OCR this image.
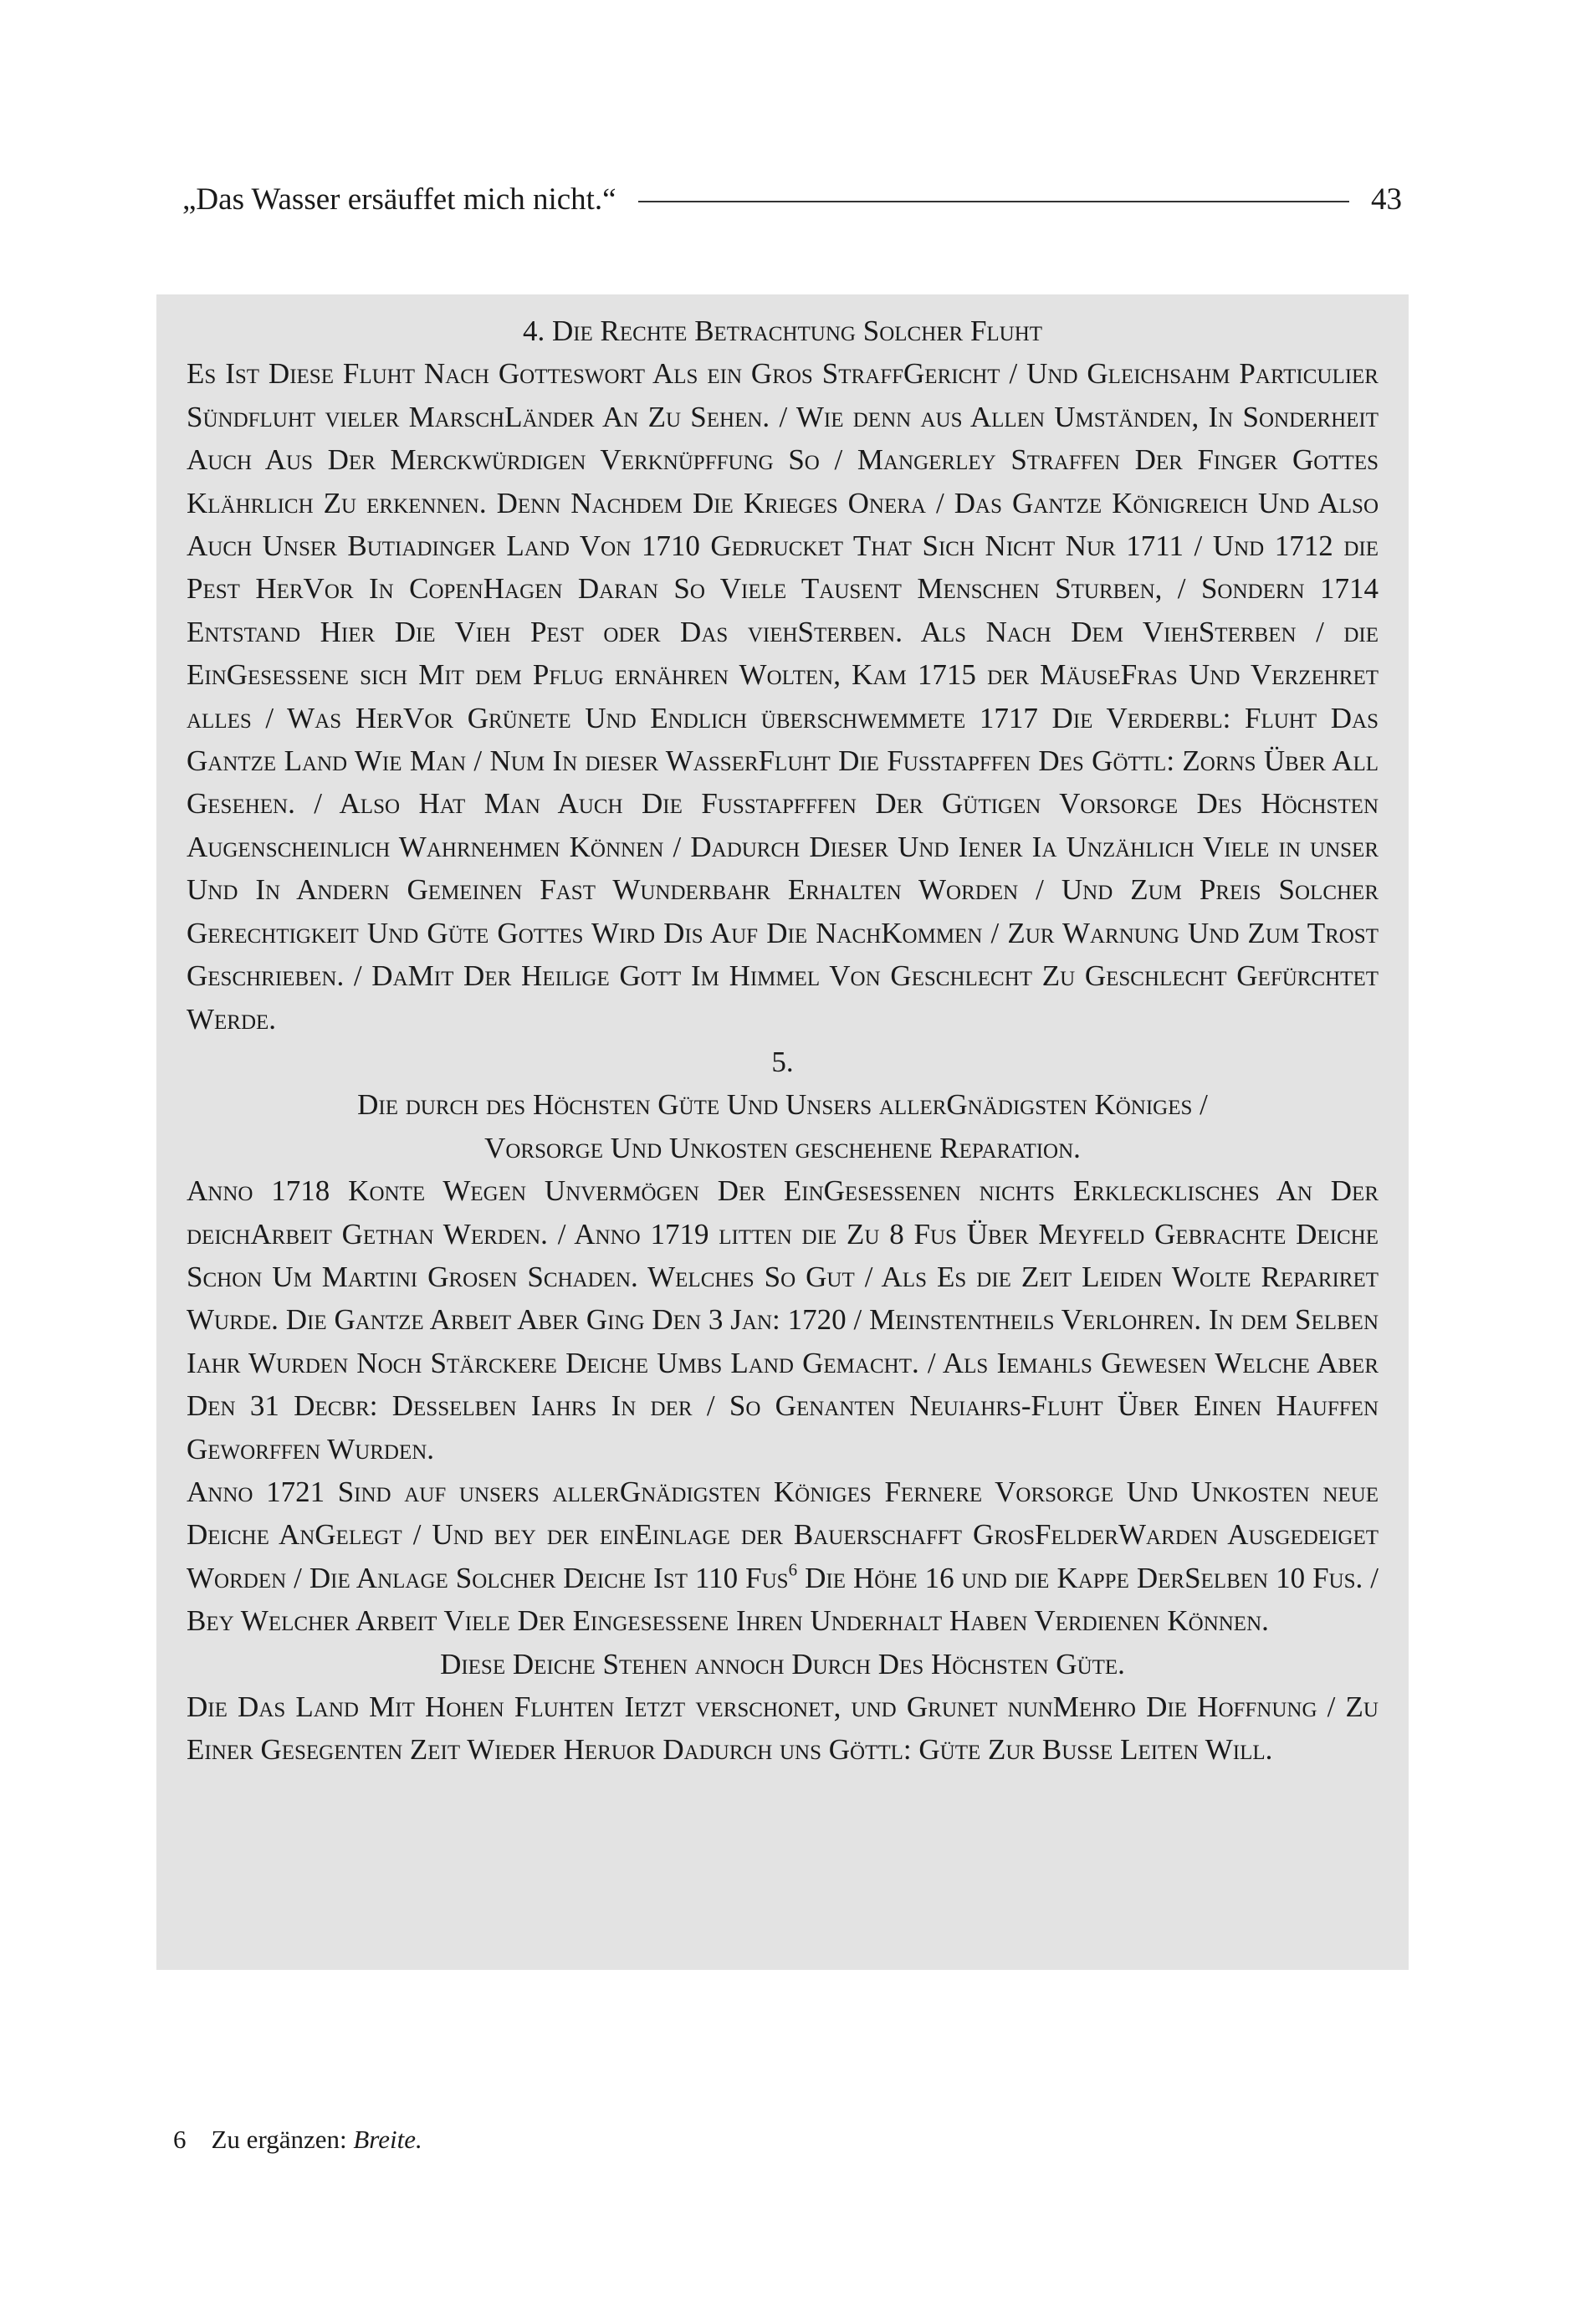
„Das Wasser ersäuffet mich nicht.“	43

4. Die Rechte Betrachtung Solcher Fluht

Es Ist Diese Fluht Nach Gotteswort Als ein Gros StraffGericht / Und Gleichsahm Particulier Sündfluht vieler MarschLänder An Zu Sehen. / Wie denn aus Allen Umständen, In Sonderheit Auch Aus Der Merckwürdigen Verknüpffung So / Mangerley Straffen Der Finger Gottes Klährlich Zu erkennen. Denn Nachdem Die Krieges Onera / Das Gantze Königreich Und Also Auch Unser Butiadinger Land Von 1710 Gedrucket That Sich Nicht Nur 1711 / Und 1712 die Pest HerVor In CopenHagen Daran So Viele Tausent Menschen Sturben, / Sondern 1714 Entstand Hier Die Vieh Pest oder Das viehSterben. Als Nach Dem ViehSterben / die EinGesessene sich Mit dem Pflug ernähren Wolten, Kam 1715 der MäuseFras Und Verzehret alles / Was HerVor Grünete Und Endlich überschwemmete 1717 Die Verderbl: Fluht Das Gantze Land Wie Man / Num In dieser WasserFluht Die Fusstapffen Des Göttl: Zorns Über All Gesehen. / Also Hat Man Auch Die Fusstapfffen Der Gütigen Vorsorge Des Höchsten Augenscheinlich Wahrnehmen Können / Dadurch Dieser Und Iener Ia Unzählich Viele in unser Und In Andern Gemeinen Fast Wunderbahr Erhalten Worden / Und Zum Preis Solcher Gerechtigkeit Und Güte Gottes Wird Dis Auf Die NachKommen / Zur Warnung Und Zum Trost Geschrieben. / DaMit Der Heilige Gott Im Himmel Von Geschlecht Zu Geschlecht Gefürchtet Werde.

5.

Die durch des Höchsten Güte Und Unsers allerGnädigsten Königes /

Vorsorge Und Unkosten geschehene Reparation.

Anno 1718 Konte Wegen Unvermögen Der EinGesessenen nichts Erklecklisches An Der deichArbeit Gethan Werden. / Anno 1719 litten die Zu 8 Fus Über Meyfeld Gebrachte Deiche Schon Um Martini Grosen Schaden. Welches So Gut / Als Es die Zeit Leiden Wolte Repariret Wurde. Die Gantze Arbeit Aber Ging Den 3 Jan: 1720 / Meinstentheils Verlohren. In dem Selben Iahr Wurden Noch Stärckere Deiche Umbs Land Gemacht. / Als Iemahls Gewesen Welche Aber Den 31 Decbr: Desselben Iahrs In der / So Genanten Neuiahrs-Fluht Über Einen Hauffen Geworffen Wurden.

Anno 1721 Sind auf unsers allerGnädigsten Königes Fernere Vorsorge Und Unkosten neue Deiche AnGelegt / Und bey der einEinlage der Bauerschafft GrosFelderWarden Ausgedeiget Worden / Die Anlage Solcher Deiche Ist 110 Fus$^6$ Die Höhe 16 und die Kappe DerSelben 10 Fus. / Bey Welcher Arbeit Viele Der Eingesessene Ihren Underhalt Haben Verdienen Können.

Diese Deiche Stehen annoch Durch Des Höchsten Güte.

Die Das Land Mit Hohen Fluhten Ietzt verschonet, und Grunet nunMehro Die Hoffnung / Zu Einer Gesegenten Zeit Wieder Heruor Dadurch uns Göttl: Güte Zur Busse Leiten Will.

6 Zu ergänzen: Breite.
